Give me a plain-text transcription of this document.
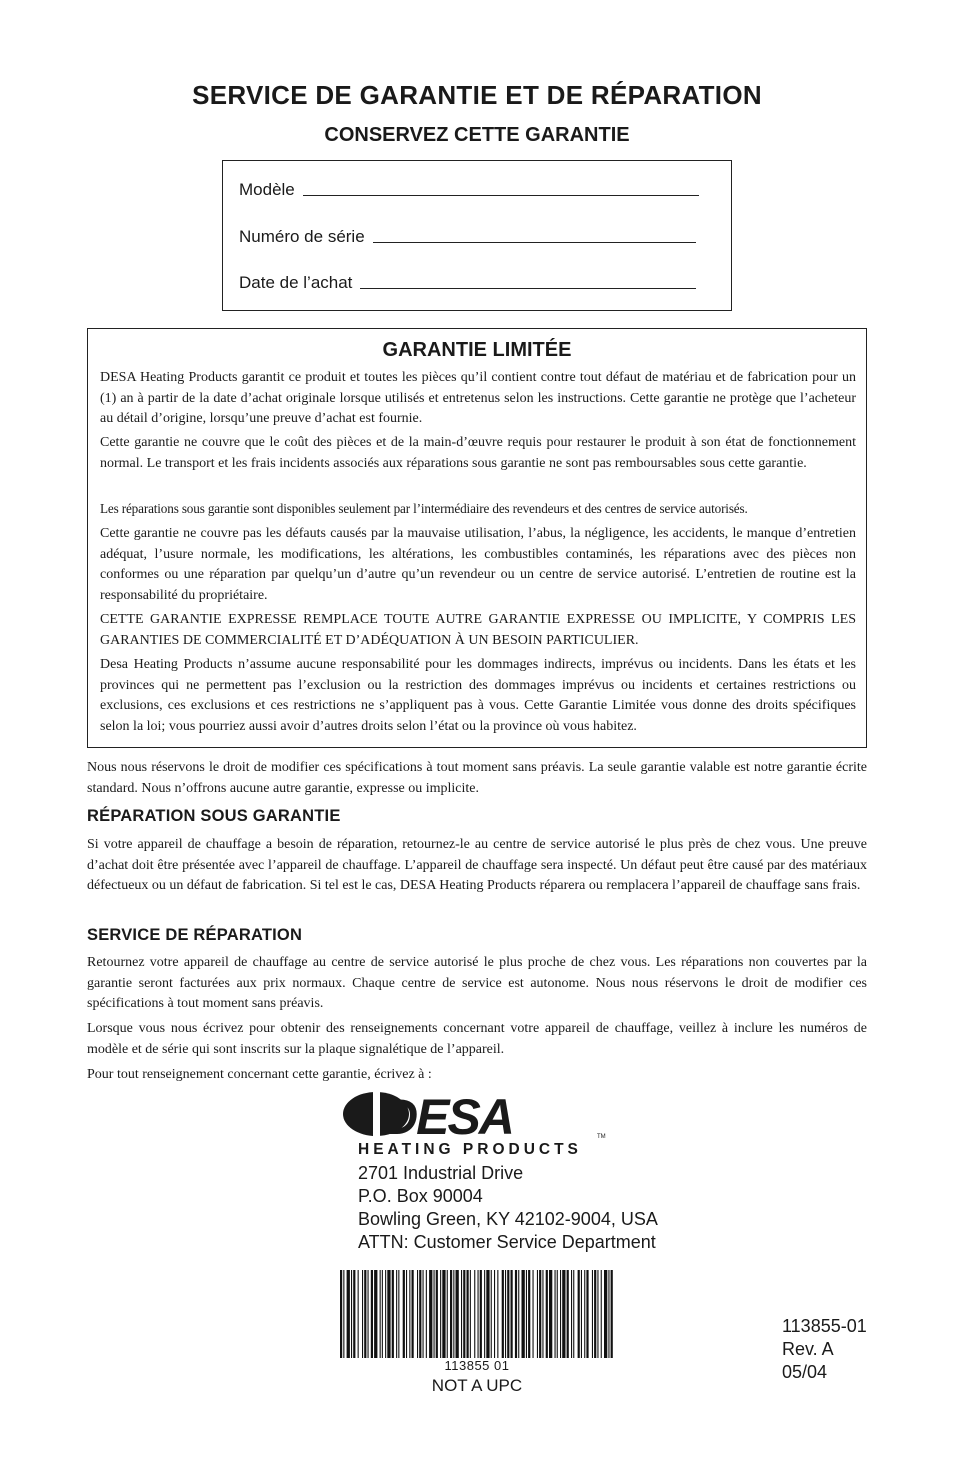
SERVICE DE GARANTIE ET DE RÉPARATION
CONSERVEZ CETTE GARANTIE
Modèle
Numéro de série
Date de l’achat
GARANTIE LIMITÉE

DESA Heating Products garantit ce produit et toutes les pièces qu’il contient contre tout défaut de matériau et de fabrication pour un (1) an à partir de la date d’achat originale lorsque utilisés et entretenus selon les instructions. Cette garantie ne protège que l’acheteur au détail d’origine, lorsqu’une preuve d’achat est fournie.

Cette garantie ne couvre que le coût des pièces et de la main-d’œuvre requis pour restaurer le produit à son état de fonctionnement normal. Le transport et les frais incidents associés aux réparations sous garantie ne sont pas remboursables sous cette garantie.

Les réparations sous garantie sont disponibles seulement par l’intermédiaire des revendeurs et des centres de service autorisés.

Cette garantie ne couvre pas les défauts causés par la mauvaise utilisation, l’abus, la négligence, les accidents, le manque d’entretien adéquat, l’usure normale, les modifications, les altérations, les combustibles contaminés, les réparations avec des pièces non conformes ou une réparation par quelqu’un d’autre qu’un revendeur ou un centre de service autorisé. L’entretien de routine est la responsabilité du propriétaire.

CETTE GARANTIE EXPRESSE REMPLACE TOUTE AUTRE GARANTIE EXPRESSE OU IMPLICITE, Y COMPRIS LES GARANTIES DE COMMERCIALITÉ ET D’ADÉQUATION À UN BESOIN PARTICULIER.

Desa Heating Products n’assume aucune responsabilité pour les dommages indirects, imprévus ou incidents. Dans les états et les provinces qui ne permettent pas l’exclusion ou la restriction des dommages imprévus ou incidents et certaines restrictions ou exclusions, ces exclusions et ces restrictions ne s’appliquent pas à vous. Cette Garantie Limitée vous donne des droits spécifiques selon la loi; vous pourriez aussi avoir d’autres droits selon l’état ou la province où vous habitez.

Nous nous réservons le droit de modifier ces spécifications à tout moment sans préavis. La seule garantie valable est notre garantie écrite standard. Nous n’offrons aucune autre garantie, expresse ou implicite.

RÉPARATION SOUS GARANTIE

Si votre appareil de chauffage a besoin de réparation, retournez-le au centre de service autorisé le plus près de chez vous. Une preuve d’achat doit être présentée avec l’appareil de chauffage. L’appareil de chauffage sera inspecté. Un défaut peut être causé par des matériaux défectueux ou un défaut de fabrication. Si tel est le cas, DESA Heating Products réparera ou remplacera l’appareil de chauffage sans frais.

SERVICE DE RÉPARATION

Retournez votre appareil de chauffage au centre de service autorisé le plus proche de chez vous. Les réparations non couvertes par la garantie seront facturées aux prix normaux. Chaque centre de service est autonome. Nous nous réservons le droit de modifier ces spécifications à tout moment sans préavis.

Lorsque vous nous écrivez pour obtenir des renseignements concernant votre appareil de chauffage, veillez à inclure les numéros de modèle et de série qui sont inscrits sur la plaque signalétique de l’appareil.

Pour tout renseignement concernant cette garantie, écrivez à :

DESA	TM
HEATING PRODUCTS
2701 Industrial Drive
P.O. Box 90004
Bowling Green, KY 42102-9004, USA
ATTN: Customer Service Department
113855 01
NOT A UPC
113855-01
Rev. A
05/04
